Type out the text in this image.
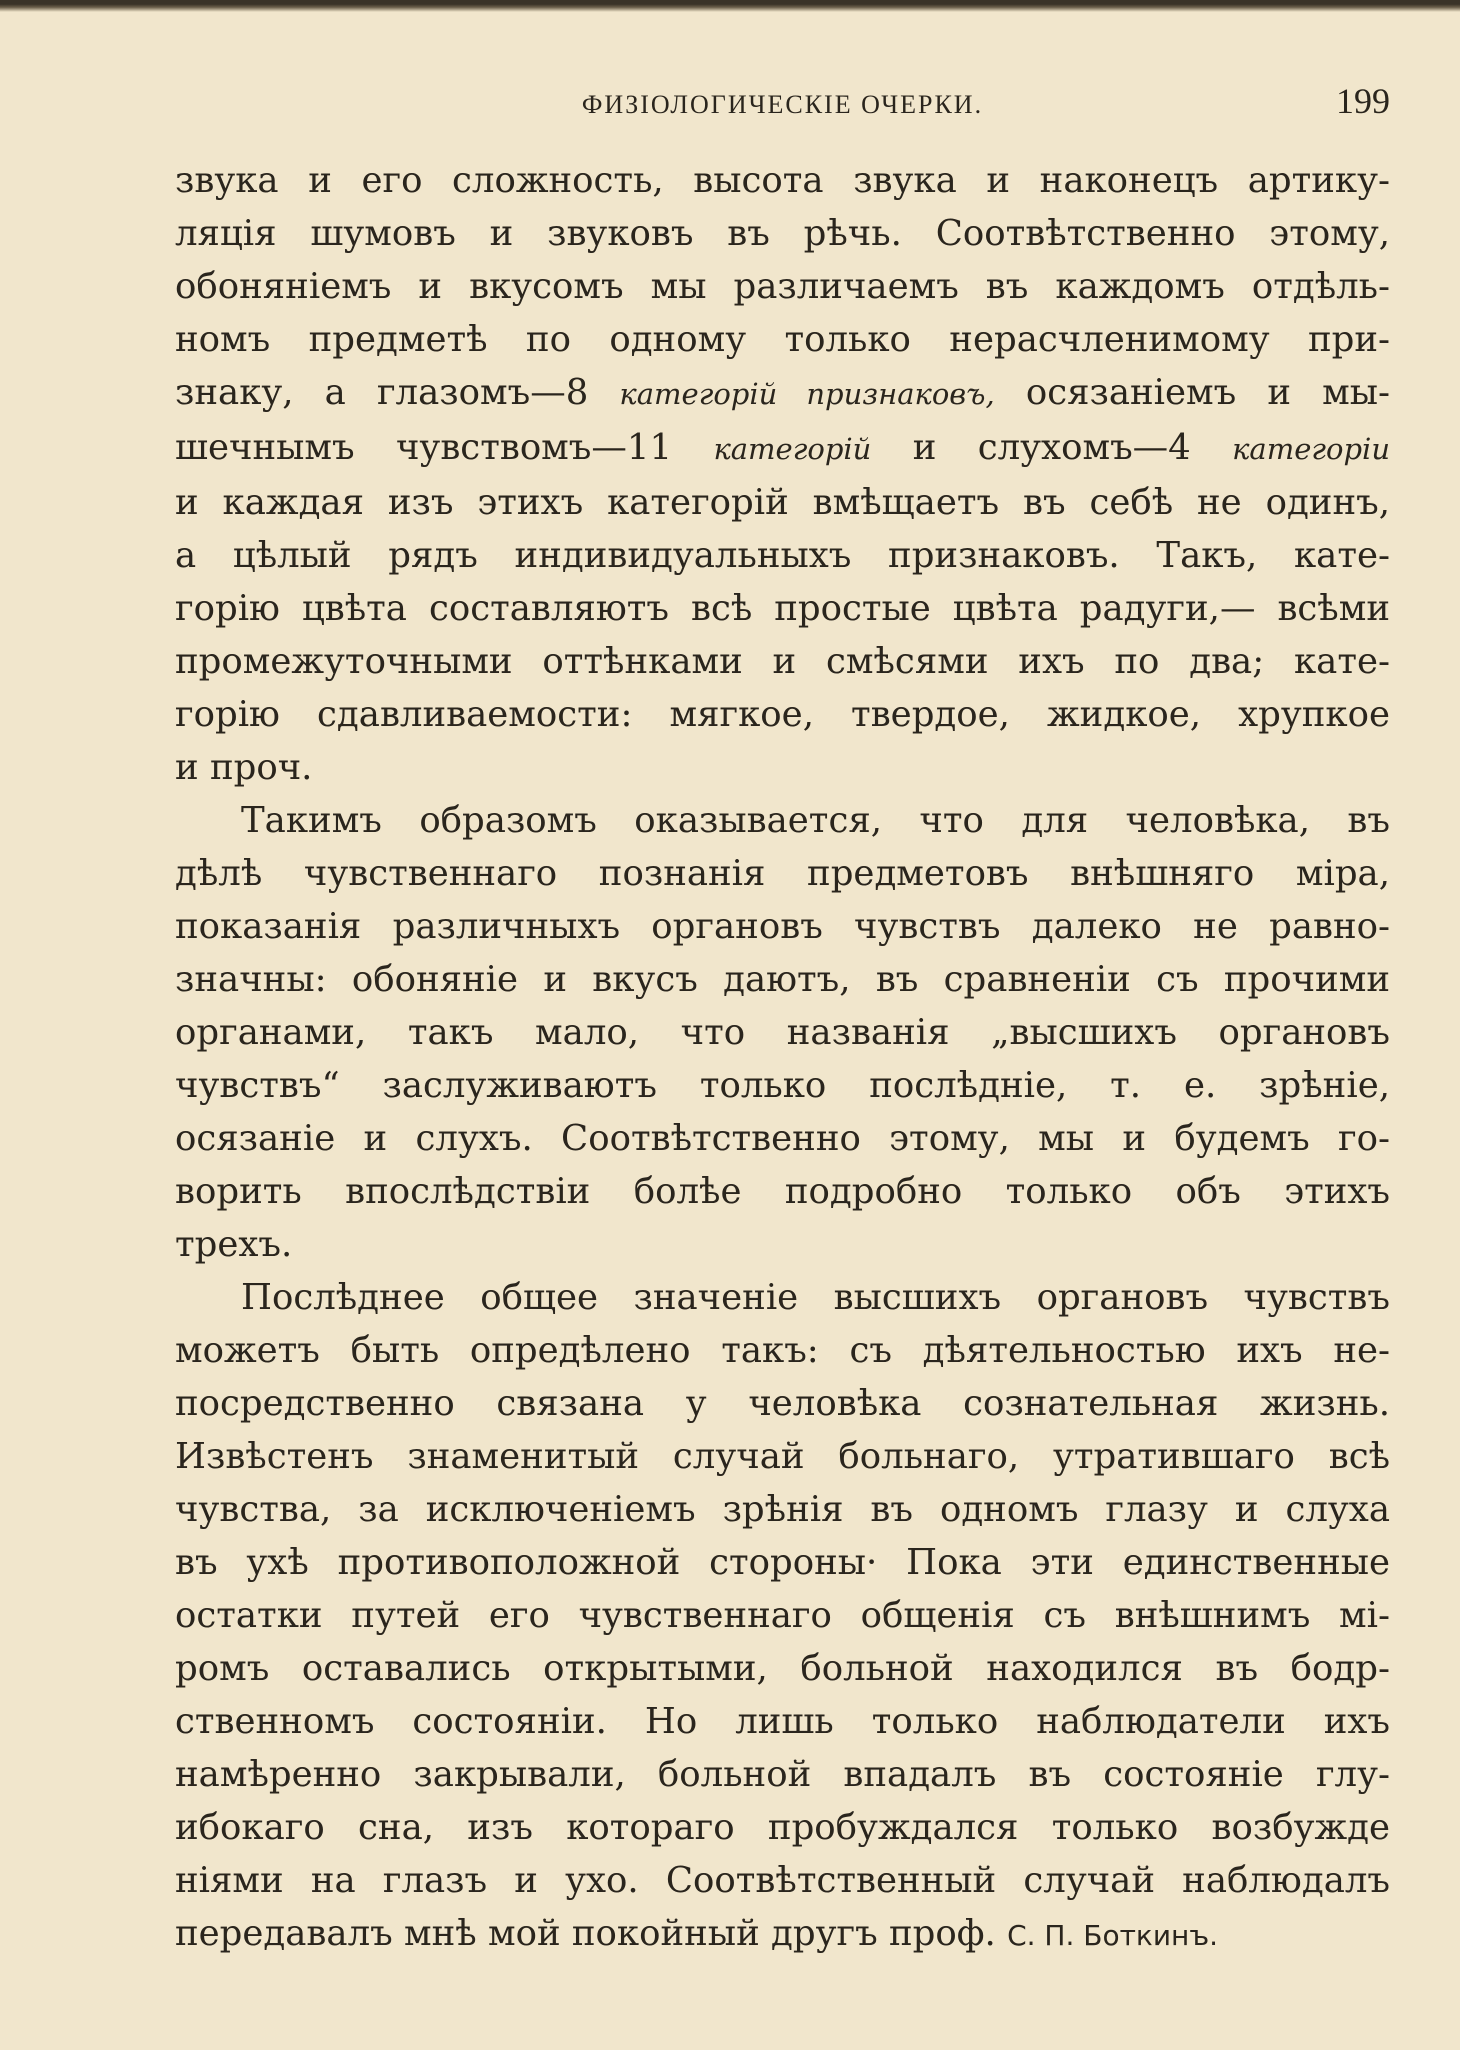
ФИЗІОЛОГИЧЕСКІЕ ОЧЕРКИ.	199

звука и его сложность, высота звука и наконецъ артику-
ляція шумовъ и звуковъ въ рѣчь. Соотвѣтственно этому,
обоняніемъ и вкусомъ мы различаемъ въ каждомъ отдѣль-
номъ предметѣ по одному только нерасчленимому при-
знаку, а глазомъ—8 категорій признаковъ, осязаніемъ и мы-
шечнымъ чувствомъ—11 категорій и слухомъ—4 категоріи
и каждая изъ этихъ категорій вмѣщаетъ въ себѣ не одинъ,
а цѣлый рядъ индивидуальныхъ признаковъ. Такъ, кате-
горію цвѣта составляютъ всѣ простые цвѣта радуги,— всѣми
промежуточными оттѣнками и смѣсями ихъ по два; кате-
горію сдавливаемости: мягкое, твердое, жидкое, хрупкое
и проч.

Такимъ образомъ оказывается, что для человѣка, въ
дѣлѣ чувственнаго познанія предметовъ внѣшняго міра,
показанія различныхъ органовъ чувствъ далеко не равно-
значны: обоняніе и вкусъ даютъ, въ сравненіи съ прочими
органами, такъ мало, что названія „высшихъ органовъ
чувствъ“ заслуживаютъ только послѣдніе, т. е. зрѣніе,
осязаніе и слухъ. Соотвѣтственно этому, мы и будемъ го-
ворить впослѣдствіи болѣе подробно только объ этихъ
трехъ.

Послѣднее общее значеніе высшихъ органовъ чувствъ
можетъ быть опредѣлено такъ: съ дѣятельностью ихъ не-
посредственно связана у человѣка сознательная жизнь.
Извѣстенъ знаменитый случай больнаго, утратившаго всѣ
чувства, за исключеніемъ зрѣнія въ одномъ глазу и слуха
въ ухѣ противоположной стороны· Пока эти единственные
остатки путей его чувственнаго общенія съ внѣшнимъ мі-
ромъ оставались открытыми, больной находился въ бодр-
ственномъ состояніи. Но лишь только наблюдатели ихъ
намѣренно закрывали, больной впадалъ въ состояніе глу-
ибокаго сна, изъ котораго пробуждался только возбужде
ніями на глазъ и ухо. Соотвѣтственный случай наблюдалъ
передавалъ мнѣ мой покойный другъ проф. С. П. Боткинъ.
